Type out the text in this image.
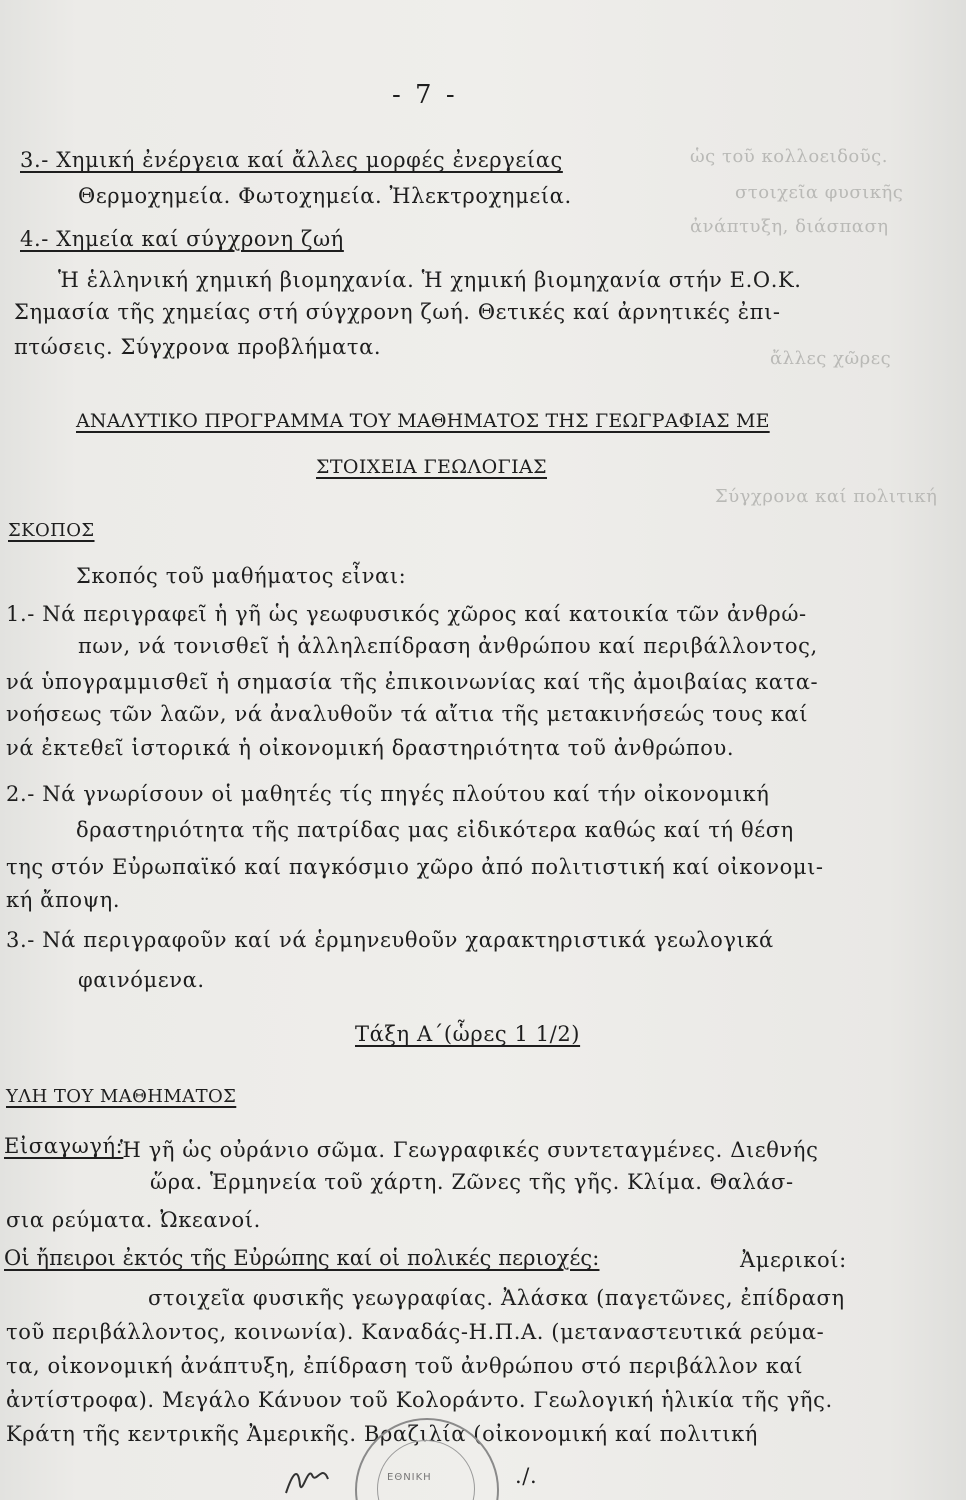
ὡς τοῦ κολλοειδοῦς.
στοιχεῖα φυσικῆς
ἀνάπτυξη, διάσπαση
ἄλλες χῶρες
Σύγχρονα καί πολιτική
- 7 -
3.- Χημική ἐνέργεια καί ἄλλες μορφές ἐνεργείας
Θερμοχημεία. Φωτοχημεία. Ἠλεκτροχημεία.
4.- Χημεία καί σύγχρονη ζωή
Ἡ ἑλληνική χημική βιομηχανία. Ἡ χημική βιομηχανία στήν Ε.Ο.Κ.
Σημασία τῆς χημείας στή σύγχρονη ζωή. Θετικές καί ἀρνητικές ἐπι-
πτώσεις. Σύγχρονα προβλήματα.
ΑΝΑΛΥΤΙΚΟ ΠΡΟΓΡΑΜΜΑ ΤΟΥ ΜΑΘΗΜΑΤΟΣ ΤΗΣ ΓΕΩΓΡΑΦΙΑΣ ΜΕ
ΣΤΟΙΧΕΙΑ ΓΕΩΛΟΓΙΑΣ
ΣΚΟΠΟΣ
Σκοπός τοῦ μαθήματος εἶναι:
1.- Νά περιγραφεῖ ἡ γῆ ὡς γεωφυσικός χῶρος καί κατοικία τῶν ἀνθρώ-
πων, νά τονισθεῖ ἡ ἀλληλεπίδραση ἀνθρώπου καί περιβάλλοντος,
νά ὑπογραμμισθεῖ ἡ σημασία τῆς ἐπικοινωνίας καί τῆς ἀμοιβαίας κατα-
νοήσεως τῶν λαῶν, νά ἀναλυθοῦν τά αἴτια τῆς μετακινήσεώς τους καί
νά ἐκτεθεῖ ἱστορικά ἡ οἰκονομική δραστηριότητα τοῦ ἀνθρώπου.
2.- Νά γνωρίσουν οἱ μαθητές τίς πηγές πλούτου καί τήν οἰκονομική
δραστηριότητα τῆς πατρίδας μας εἰδικότερα καθώς καί τή θέση
της στόν Εὐρωπαϊκό καί παγκόσμιο χῶρο ἀπό πολιτιστική καί οἰκονομι-
κή ἄποψη.
3.- Νά περιγραφοῦν καί νά ἑρμηνευθοῦν χαρακτηριστικά γεωλογικά
φαινόμενα.
Τάξη Α΄(ὧρες 1 1/2)
ΥΛΗ ΤΟΥ ΜΑΘΗΜΑΤΟΣ
Εἰσαγωγή:
Ἡ γῆ ὡς οὐράνιο σῶμα. Γεωγραφικές συντεταγμένες. Διεθνής
ὥρα. Ἑρμηνεία τοῦ χάρτη. Ζῶνες τῆς γῆς. Κλίμα. Θαλάσ-
σια ρεύματα. Ὠκεανοί.
Οἱ ἤπειροι ἐκτός τῆς Εὐρώπης καί οἱ πολικές περιοχές:	Ἀμερικοί:
στοιχεῖα φυσικῆς γεωγραφίας. Ἀλάσκα (παγετῶνες, ἐπίδραση
τοῦ περιβάλλοντος, κοινωνία). Καναδάς-Η.Π.Α. (μεταναστευτικά ρεύμα-
τα, οἰκονομική ἀνάπτυξη, ἐπίδραση τοῦ ἀνθρώπου στό περιβάλλον καί
ἀντίστροφα). Μεγάλο Κάνυον τοῦ Κολοράντο. Γεωλογική ἡλικία τῆς γῆς.
Κράτη τῆς κεντρικῆς Ἀμερικῆς. Βραζιλία (οἰκονομική καί πολιτική
ΕΘΝΙΚΗ	./.
